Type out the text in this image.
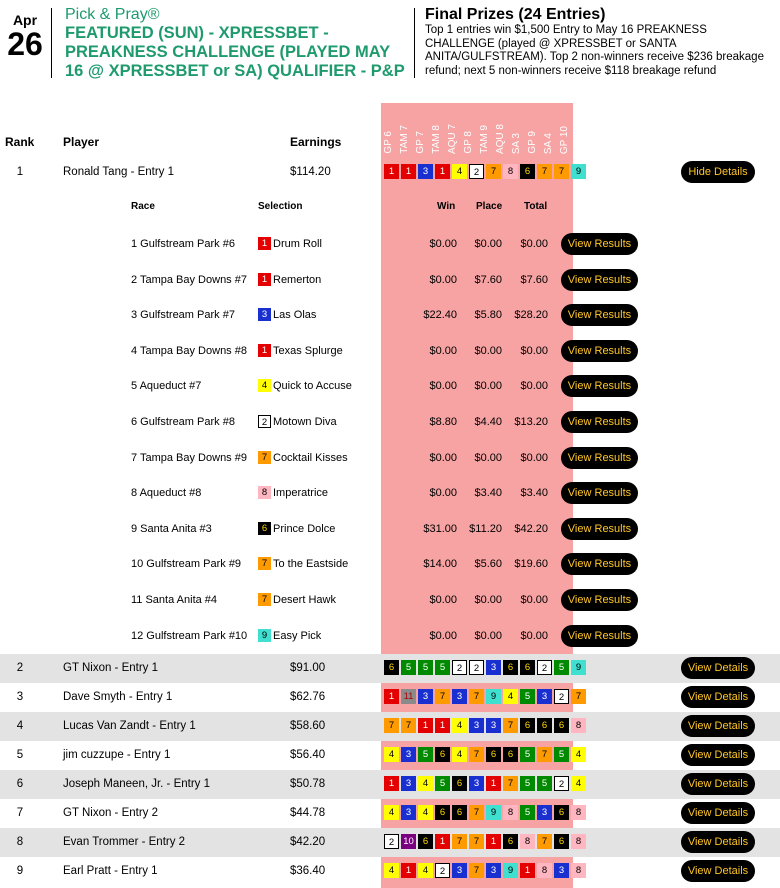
Apr
26
Pick & Pray®
FEATURED (SUN) - XPRESSBET - PREAKNESS CHALLENGE (PLAYED MAY 16 @ XPRESSBET or SA) QUALIFIER - P&P
Final Prizes (24 Entries)
Top 1 entries win $1,500 Entry to May 16 PREAKNESS CHALLENGE (played @ XPRESSBET or SANTA ANITA/GULFSTREAM). Top 2 non-winners receive $236 breakage refund; next 5 non-winners receive $118 breakage refund
GP 6 TAM 7 GP 7 TAM 8 AQU 7 GP 8 TAM 9 AQU 8 SA 3 GP 9 SA 4 GP 10
Rank Player	Earnings
1	Ronald Tang - Entry 1	$114.20	1	1	3	1	4	2	7	8	6	7	7	9	Hide Details
Race	Selection	Win Place Total
1 Gulfstream Park #6	1 Drum Roll	$0.00 $0.00 $0.00	View Results
2 Tampa Bay Downs #7	1 Remerton	$0.00 $7.60 $7.60	View Results
3 Gulfstream Park #7	3 Las Olas	$22.40 $5.80 $28.20	View Results
4 Tampa Bay Downs #8	1 Texas Splurge	$0.00 $0.00 $0.00	View Results
5 Aqueduct #7	4 Quick to Accuse	$0.00 $0.00 $0.00	View Results
6 Gulfstream Park #8	2 Motown Diva	$8.80 $4.40 $13.20	View Results
7 Tampa Bay Downs #9	7 Cocktail Kisses	$0.00 $0.00 $0.00	View Results
8 Aqueduct #8	8 Imperatrice	$0.00 $3.40 $3.40	View Results
9 Santa Anita #3	6 Prince Dolce	$31.00 $11.20 $42.20	View Results
10 Gulfstream Park #9	7 To the Eastside	$14.00 $5.60 $19.60	View Results
11 Santa Anita #4	7 Desert Hawk	$0.00 $0.00 $0.00	View Results
12 Gulfstream Park #10	9 Easy Pick	$0.00 $0.00 $0.00	View Results
2	GT Nixon - Entry 1	$91.00	6	5	5	5	2	2	3	6	6	2	5	9	View Details
3	Dave Smyth - Entry 1	$62.76	1 11 3	7	3	7	9	4	5	3	2	7	View Details
4	Lucas Van Zandt - Entry 1	$58.60	7	7	1	1	4	3	3	7	6	6	6	8	View Details
5	jim cuzzupe - Entry 1	$56.40	4	3	5	6	4	7	6	6	5	7	5	4	View Details
6	Joseph Maneen, Jr. - Entry 1	$50.78	1	3	4	5	6	3	1	7	5	5	2	4	View Details
7	GT Nixon - Entry 2	$44.78	4	3	4	6	6	7	9	8	5	3	6	8	View Details
8	Evan Trommer - Entry 2	$42.20	2 10 6	1	7	7	1	6	8	7	6	8	View Details
9	Earl Pratt - Entry 1	$36.40	4	1	4	2	3	7	3	9	1	8	3	8	View Details
